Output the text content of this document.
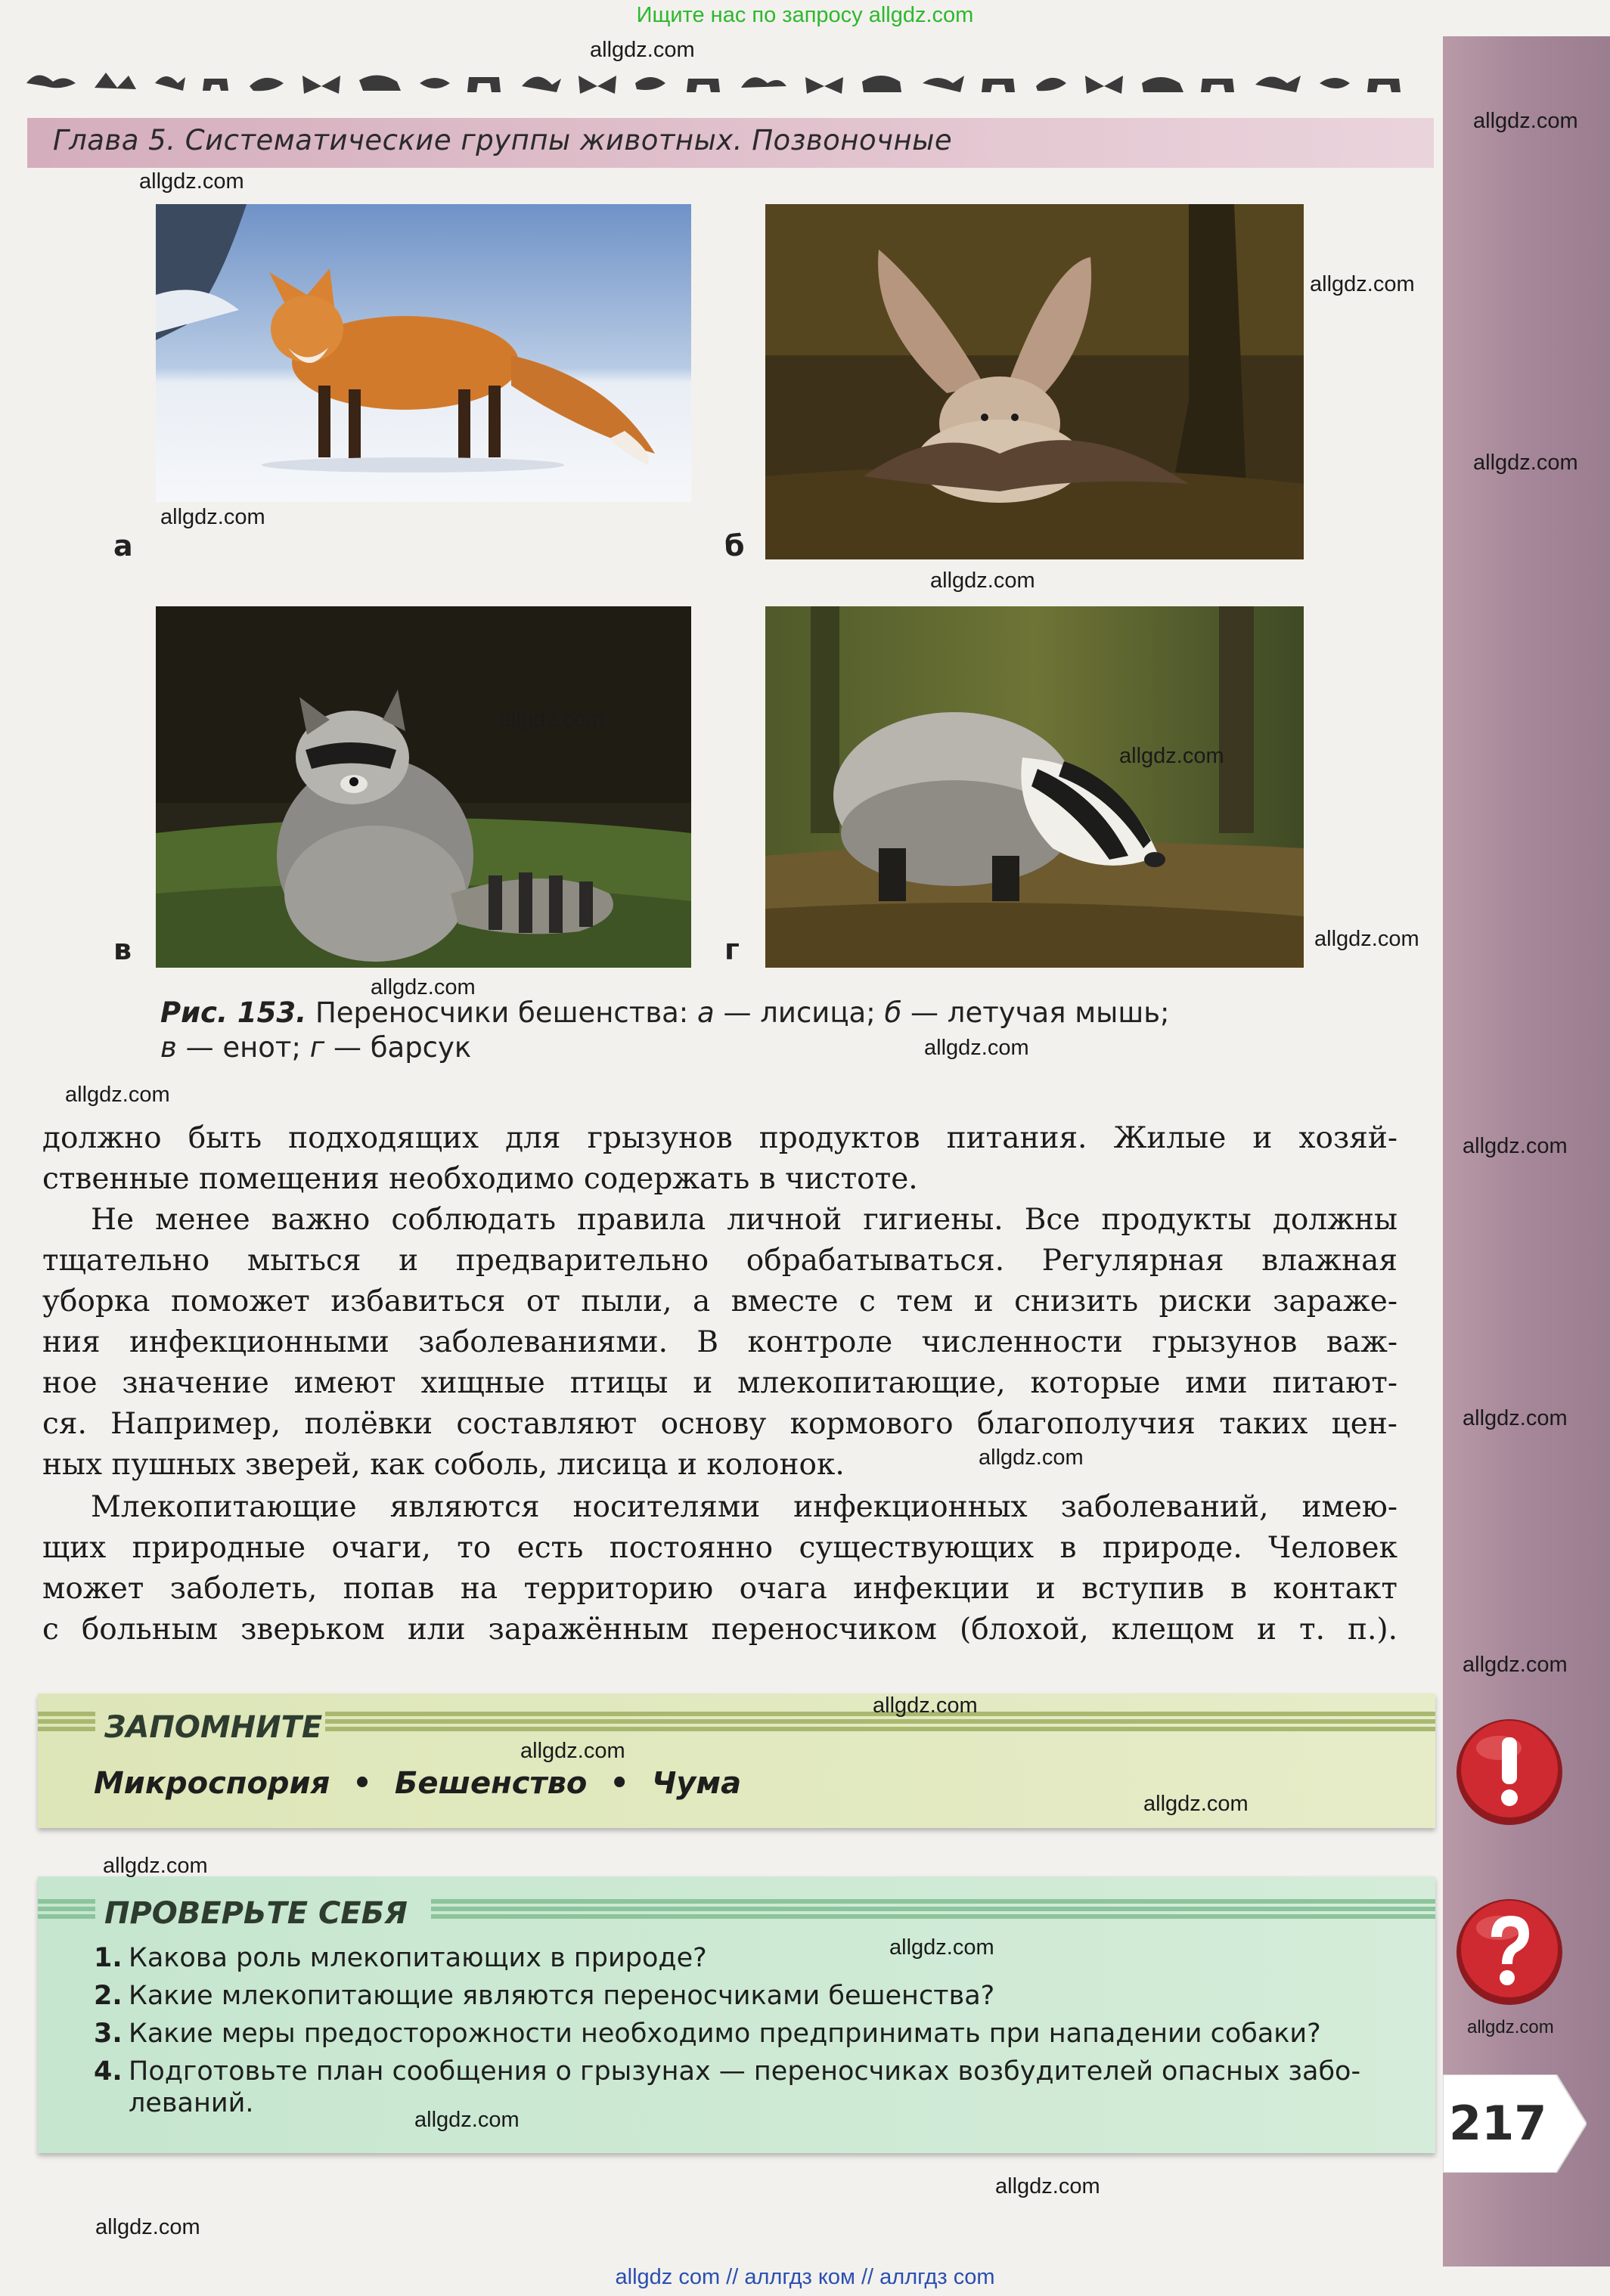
Ищите нас по запросу allgdz.com
217
Глава 5. Систематические группы животных. Позвоночные
а	б
в	г
Рис. 153. Переносчики бешенства: а — лисица; б — летучая мышь;
в — енот; г — барсук
должно быть подходящих для грызунов продуктов питания. Жилые и хозяй-
ственные помещения необходимо содержать в чистоте.
Не менее важно соблюдать правила личной гигиены. Все продукты должны
тщательно мыться и предварительно обрабатываться. Регулярная влажная
уборка поможет избавиться от пыли, а вместе с тем и снизить риски зараже-
ния инфекционными заболеваниями. В контроле численности грызунов важ-
ное значение имеют хищные птицы и млекопитающие, которые ими питают-
ся. Например, полёвки составляют основу кормового благополучия таких цен-
ных пушных зверей, как соболь, лисица и колонок.
Млекопитающие являются носителями инфекционных заболеваний, имею-
щих природные очаги, то есть постоянно существующих в природе. Человек
может заболеть, попав на территорию очага инфекции и вступив в контакт
с больным зверьком или заражённым переносчиком (блохой, клещом и т. п.).
ЗАПОМНИТЕ
Микроспория • Бешенство • Чума
ПРОВЕРЬТЕ СЕБЯ
1. Какова роль млекопитающих в природе?
2. Какие млекопитающие являются переносчиками бешенства?
3. Какие меры предосторожности необходимо предпринимать при нападении собаки?
4. Подготовьте план сообщения о грызунах — переносчиках возбудителей опасных забо-
леваний.
allgdz.com
allgdz.com
allgdz.com
allgdz.com
allgdz.com
allgdz.com
allgdz.com
allgdz.com
allgdz.com
allgdz.com
allgdz.com
allgdz.com
allgdz.com
allgdz.com
allgdz.com
allgdz.com
allgdz.com
allgdz.com
allgdz.com
allgdz.com
allgdz.com
allgdz.com
allgdz.com
allgdz.com
allgdz.com
allgdz.com
allgdz com // аллгдз ком // аллгдз com
